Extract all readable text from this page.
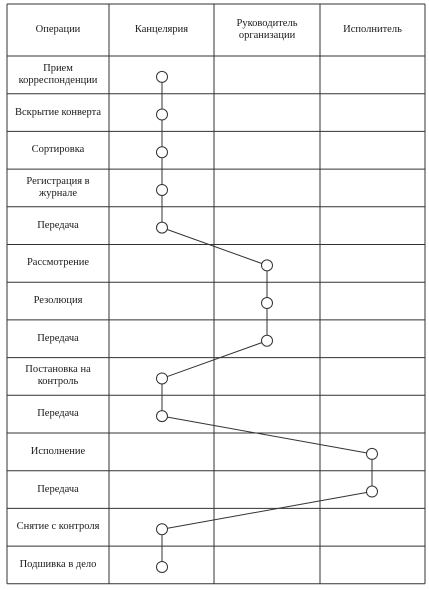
Операции	Канцелярия
Руководитель организации
Исполнитель
Прием корреспонденции
Вскрытие конверта
Сортировка
Регистрация в журнале
Передача
Рассмотрение
Резолюция
Передача
Постановка на контроль
Передача
Исполнение
Передача
Снятие с контроля
Подшивка в дело
